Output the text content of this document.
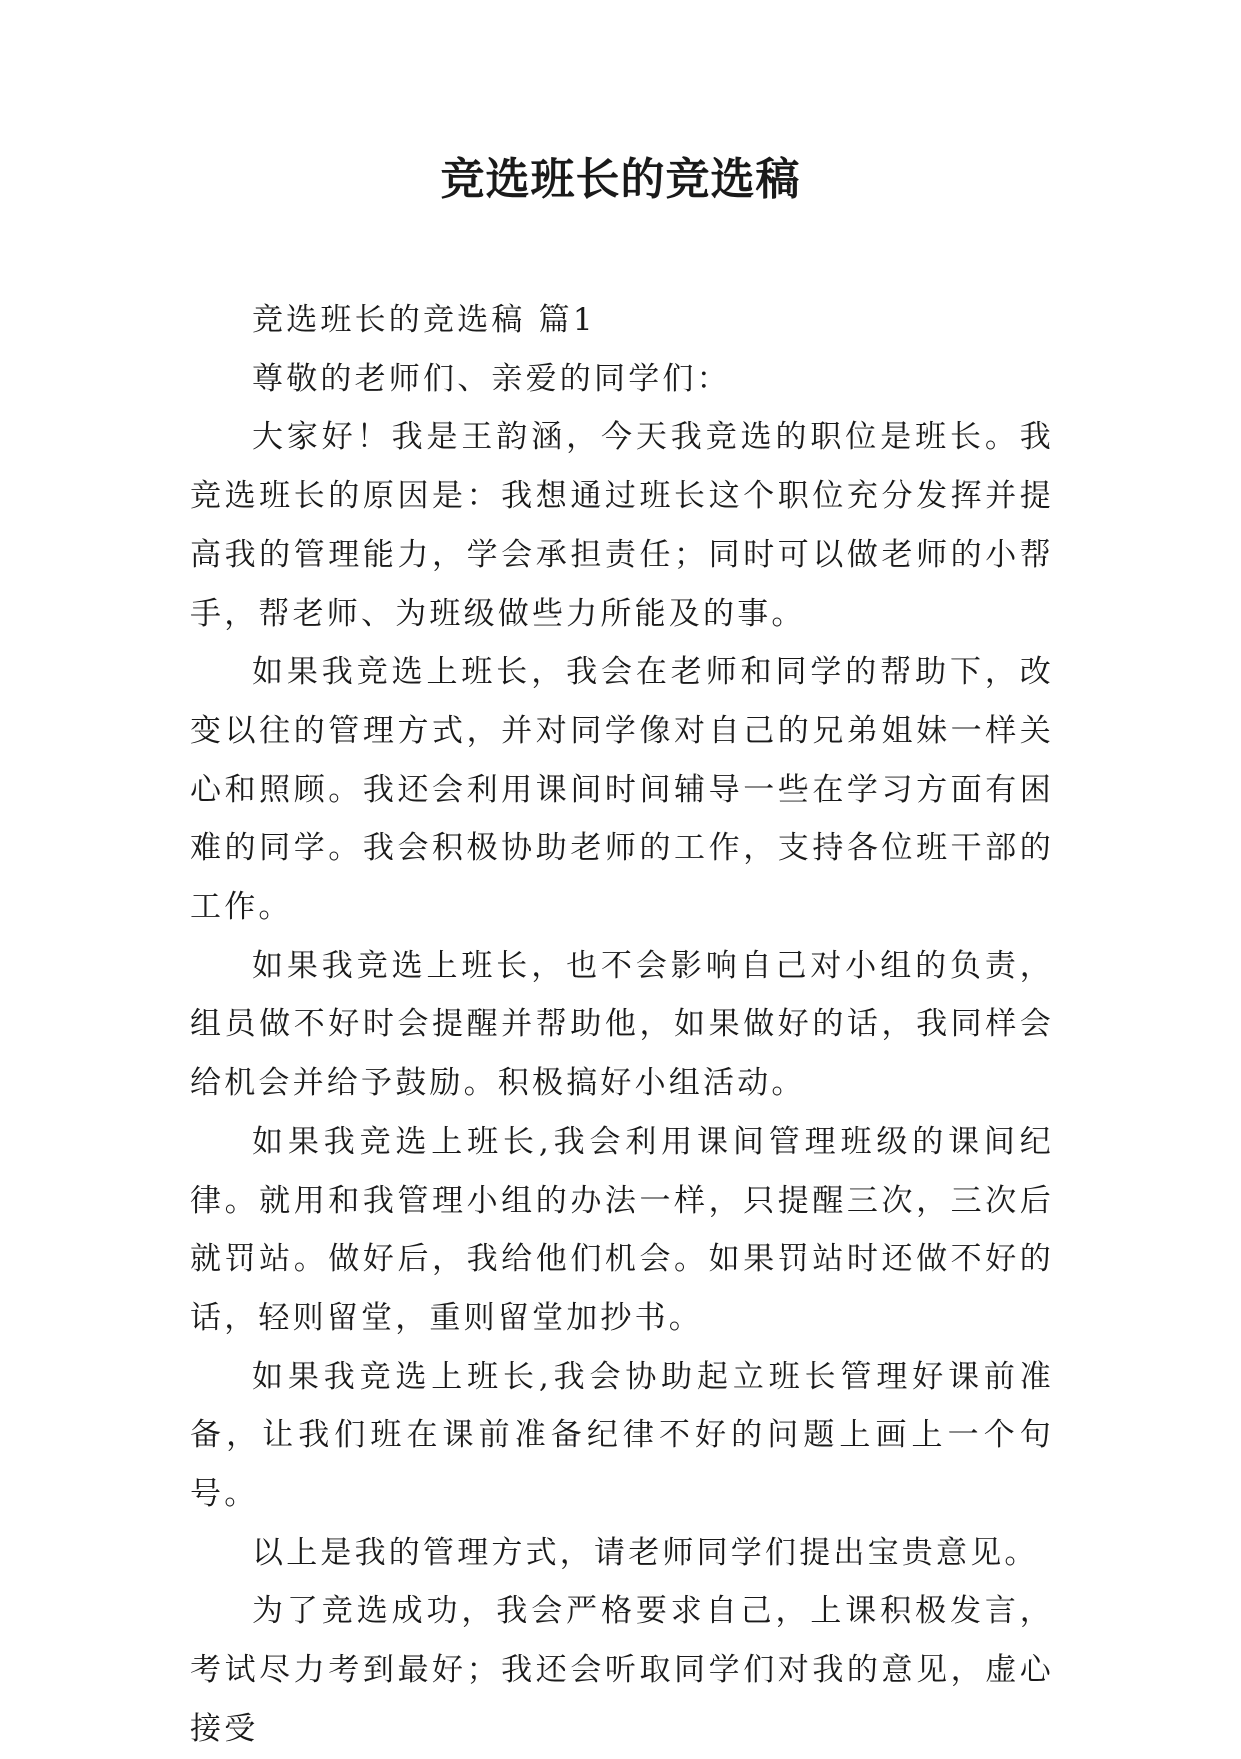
竞选班长的竞选稿

竞选班长的竞选稿 篇1

尊敬的老师们、亲爱的同学们：

大家好！我是王韵涵，今天我竞选的职位是班长。我竞选班长的原因是：我想通过班长这个职位充分发挥并提高我的管理能力，学会承担责任；同时可以做老师的小帮手，帮老师、为班级做些力所能及的事。

如果我竞选上班长，我会在老师和同学的帮助下，改变以往的管理方式，并对同学像对自己的兄弟姐妹一样关心和照顾。我还会利用课间时间辅导一些在学习方面有困难的同学。我会积极协助老师的工作，支持各位班干部的工作。

如果我竞选上班长，也不会影响自己对小组的负责，组员做不好时会提醒并帮助他，如果做好的话，我同样会给机会并给予鼓励。积极搞好小组活动。

如果我竞选上班长,我会利用课间管理班级的课间纪律。就用和我管理小组的办法一样，只提醒三次，三次后就罚站。做好后，我给他们机会。如果罚站时还做不好的话，轻则留堂，重则留堂加抄书。

如果我竞选上班长,我会协助起立班长管理好课前准备，让我们班在课前准备纪律不好的问题上画上一个句号。

以上是我的管理方式，请老师同学们提出宝贵意见。

为了竞选成功，我会严格要求自己，上课积极发言，考试尽力考到最好；我还会听取同学们对我的意见，虚心接受
